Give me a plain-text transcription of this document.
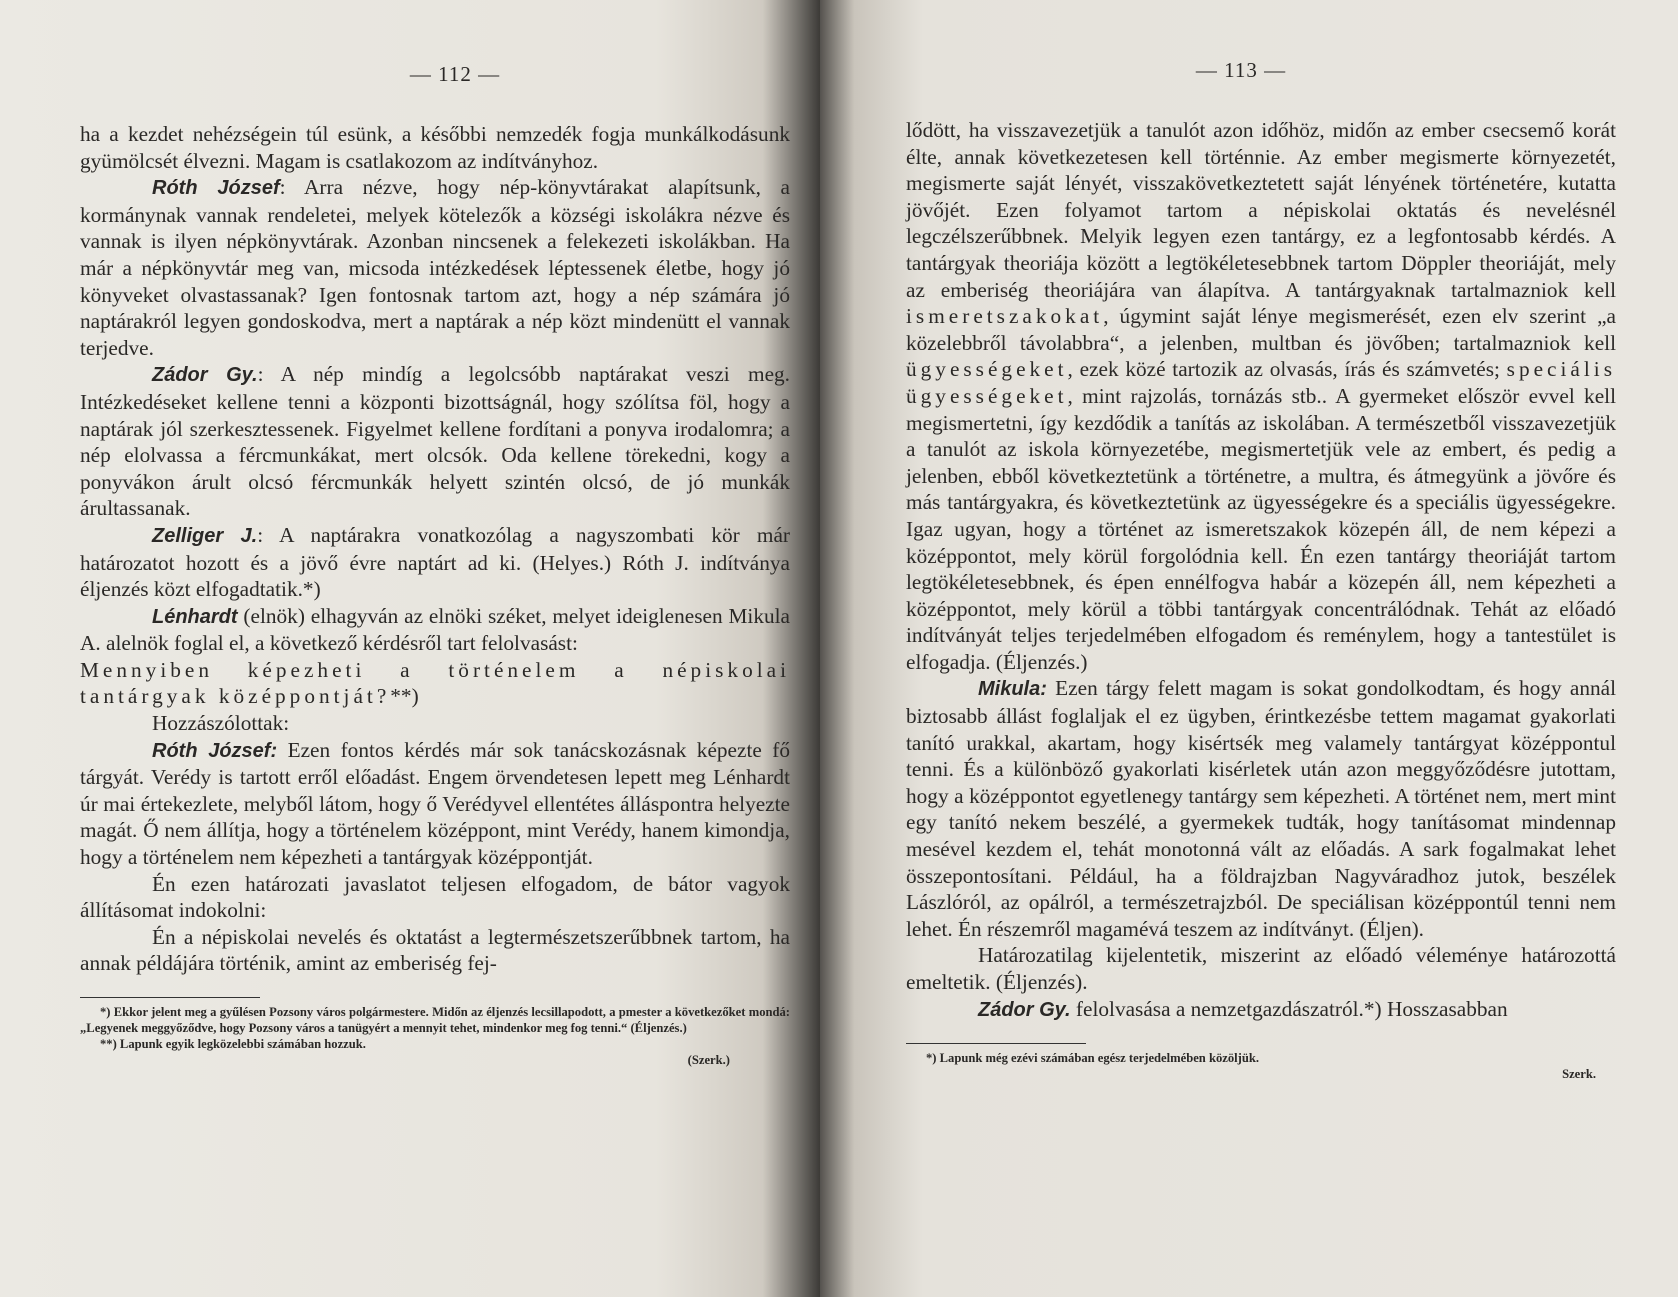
— 112 —

ha a kezdet nehézségein túl esünk, a későbbi nemzedék fogja munkálkodásunk gyümölcsét élvezni. Magam is csatlakozom az indítványhoz.

Róth József: Arra nézve, hogy nép-könyvtárakat alapítsunk, a kormánynak vannak rendeletei, melyek kötelezők a községi iskolákra nézve és vannak is ilyen népkönyvtárak. Azonban nincsenek a felekezeti iskolákban. Ha már a népkönyvtár meg van, micsoda intézkedések léptessenek életbe, hogy jó könyveket olvastassanak? Igen fontosnak tartom azt, hogy a nép számára jó naptárakról legyen gondoskodva, mert a naptárak a nép közt mindenütt el vannak terjedve.

Zádor Gy.: A nép mindíg a legolcsóbb naptárakat veszi meg. Intézkedéseket kellene tenni a központi bizottságnál, hogy szólítsa föl, hogy a naptárak jól szerkesztessenek. Figyelmet kellene fordítani a ponyva irodalomra; a nép elolvassa a fércmunkákat, mert olcsók. Oda kellene törekedni, kogy a ponyvákon árult olcsó fércmunkák helyett szintén olcsó, de jó munkák árultassanak.

Zelliger J.: A naptárakra vonatkozólag a nagyszombati kör már határozatot hozott és a jövő évre naptárt ad ki. (Helyes.) Róth J. indítványa éljenzés közt elfogadtatik.*)

Lénhardt (elnök) elhagyván az elnöki széket, melyet ideiglenesen Mikula A. alelnök foglal el, a következő kérdésről tart felolvasást:

Mennyiben képezheti a történelem a népiskolai tantárgyak középpontját?**)

Hozzászólottak:

Róth József: Ezen fontos kérdés már sok tanácskozásnak képezte fő tárgyát. Verédy is tartott erről előadást. Engem örvendetesen lepett meg Lénhardt úr mai értekezlete, melyből látom, hogy ő Verédyvel ellentétes álláspontra helyezte magát. Ő nem állítja, hogy a történelem középpont, mint Verédy, hanem kimondja, hogy a történelem nem képezheti a tantárgyak középpontját.

Én ezen határozati javaslatot teljesen elfogadom, de bátor vagyok állításomat indokolni:

Én a népiskolai nevelés és oktatást a legtermészetszerűbbnek tartom, ha annak példájára történik, amint az emberiség fej-

*) Ekkor jelent meg a gyűlésen Pozsony város polgármestere. Midőn az éljenzés lecsillapodott, a pmester a következőket mondá: „Legyenek meggyőződve, hogy Pozsony város a tanügyért a mennyit tehet, mindenkor meg fog tenni.“ (Éljenzés.)

**) Lapunk egyik legközelebbi számában hozzuk.

(Szerk.)

— 113 —

lődött, ha visszavezetjük a tanulót azon időhöz, midőn az ember csecsemő korát élte, annak következetesen kell történnie. Az ember megismerte környezetét, megismerte saját lényét, visszakövetkeztetett saját lényének történetére, kutatta jövőjét. Ezen folyamot tartom a népiskolai oktatás és nevelésnél legczélszerűbbnek. Melyik legyen ezen tantárgy, ez a legfontosabb kérdés. A tantárgyak theoriája között a legtökéletesebbnek tartom Döppler theoriáját, mely az emberiség theoriájára van álapítva. A tantárgyaknak tartalmazniok kell ismeretszakokat, úgymint saját lénye megismerését, ezen elv szerint „a közelebbről távolabbra“, a jelenben, multban és jövőben; tartalmazniok kell ügyességeket, ezek közé tartozik az olvasás, írás és számvetés; speciális ügyességeket, mint rajzolás, tornázás stb.. A gyermeket először evvel kell megismertetni, így kezdődik a tanítás az iskolában. A természetből visszavezetjük a tanulót az iskola környezetébe, megismertetjük vele az embert, és pedig a jelenben, ebből következtetünk a történetre, a multra, és átmegyünk a jövőre és más tantárgyakra, és következtetünk az ügyességekre és a speciális ügyességekre. Igaz ugyan, hogy a történet az ismeretszakok közepén áll, de nem képezi a középpontot, mely körül forgolódnia kell. Én ezen tantárgy theoriáját tartom legtökéletesebbnek, és épen ennélfogva habár a közepén áll, nem képezheti a középpontot, mely körül a többi tantárgyak concentrálódnak. Tehát az előadó indítványát teljes terjedelmében elfogadom és reménylem, hogy a tantestület is elfogadja. (Éljenzés.)

Mikula: Ezen tárgy felett magam is sokat gondolkodtam, és hogy annál biztosabb állást foglaljak el ez ügyben, érintkezésbe tettem magamat gyakorlati tanító urakkal, akartam, hogy kisértsék meg valamely tantárgyat középpontul tenni. És a különböző gyakorlati kisérletek után azon meggyőződésre jutottam, hogy a középpontot egyetlenegy tantárgy sem képezheti. A történet nem, mert mint egy tanító nekem beszélé, a gyermekek tudták, hogy tanításomat mindennap mesével kezdem el, tehát monotonná vált az előadás. A sark fogalmakat lehet összepontosítani. Például, ha a földrajzban Nagyváradhoz jutok, beszélek Lászlóról, az opálról, a természetrajzból. De speciálisan középpontúl tenni nem lehet. Én részemről magamévá teszem az indítványt. (Éljen).

Határozatilag kijelentetik, miszerint az előadó véleménye határozottá emeltetik. (Éljenzés).

Zádor Gy. felolvasása a nemzetgazdászatról.*) Hosszasabban

*) Lapunk még ezévi számában egész terjedelmében közöljük.

Szerk.
